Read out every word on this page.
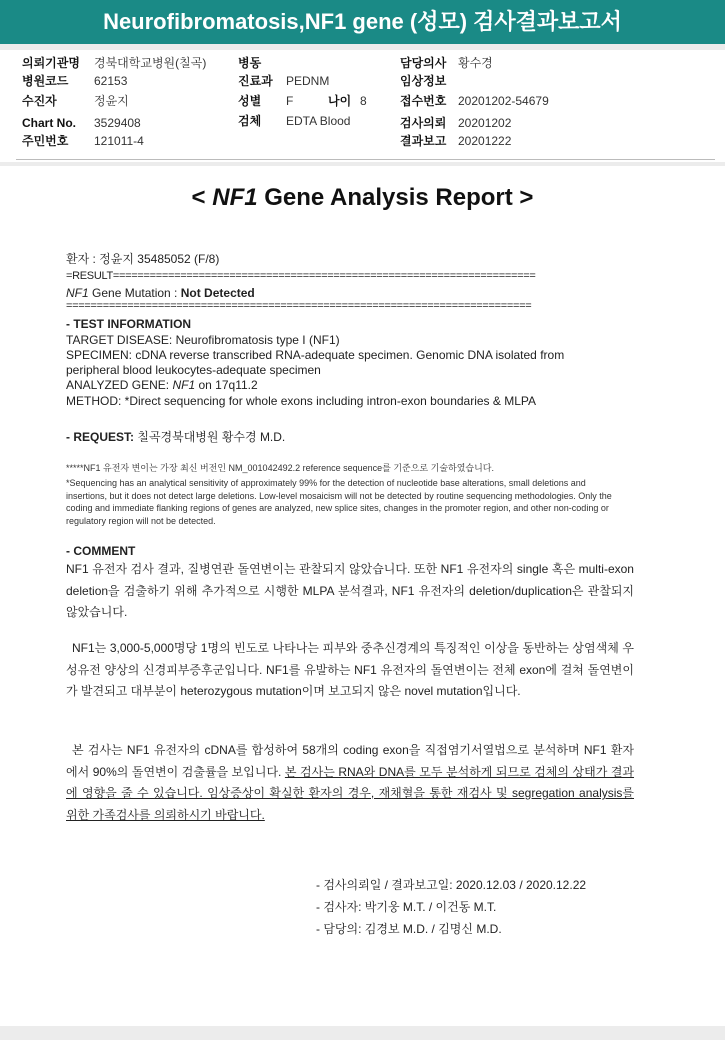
Neurofibromatosis,NF1 gene (성모) 검사결과보고서
의뢰기관명 경북대학교병원(칠곡)
병원코드 62153
수진자	정윤지
Chart No. 3529408
주민번호 121011-4
병동
진료과 PEDNM
성별 F	나이 8
검체 EDTA Blood
담당의사 황수경
임상정보
접수번호 20201202-54679
검사의뢰 20201202
결과보고 20201222
< NF1 Gene Analysis Report >
환자 : 정윤지 35485052 (F/8)
=RESULT=====================================================================
NF1 Gene Mutation : Not Detected
============================================================================
- TEST INFORMATION
TARGET DISEASE: Neurofibromatosis type I (NF1)
SPECIMEN: cDNA reverse transcribed RNA-adequate specimen. Genomic DNA isolated from
peripheral blood leukocytes-adequate specimen
ANALYZED GENE: NF1 on 17q11.2
METHOD: *Direct sequencing for whole exons including intron-exon boundaries & MLPA
- REQUEST: 칠곡경북대병원 황수경 M.D.
*****NF1 유전자 변이는 가장 최신 버전인 NM_001042492.2 reference sequence를 기준으로 기술하였습니다.
*Sequencing has an analytical sensitivity of approximately 99% for the detection of nucleotide base alterations, small deletions and insertions, but it does not detect large deletions. Low-level mosaicism will not be detected by routine sequencing methodologies. Only the coding and immediate flanking regions of genes are analyzed, new splice sites, changes in the promoter region, and other non-coding or regulatory region will not be detected.
- COMMENT
NF1 유전자 검사 결과, 질병연관 돌연변이는 관찰되지 않았습니다. 또한 NF1 유전자의 single 혹은 multi-exon deletion을 검출하기 위해 추가적으로 시행한 MLPA 분석결과, NF1 유전자의 deletion/duplication은 관찰되지 않았습니다.
NF1는 3,000-5,000명당 1명의 빈도로 나타나는 피부와 중추신경계의 특징적인 이상을 동반하는 상염색체 우성유전 양상의 신경피부증후군입니다. NF1를 유발하는 NF1 유전자의 돌연변이는 전체 exon에 걸쳐 돌연변이가 발견되고 대부분이 heterozygous mutation이며 보고되지 않은 novel mutation입니다.
본 검사는 NF1 유전자의 cDNA를 합성하여 58개의 coding exon을 직접염기서열법으로 분석하며 NF1 환자에서 90%의 돌연변이 검출률을 보입니다. 본 검사는 RNA와 DNA를 모두 분석하게 되므로 검체의 상태가 결과에 영향을 줄 수 있습니다. 임상증상이 확실한 환자의 경우, 재채혈을 통한 재검사 및 segregation analysis를 위한 가족검사를 의뢰하시기 바랍니다.
- 검사의뢰일 / 결과보고일: 2020.12.03 / 2020.12.22
- 검사자: 박기웅 M.T. / 이건동 M.T.
- 담당의: 김경보 M.D. / 김명신 M.D.
